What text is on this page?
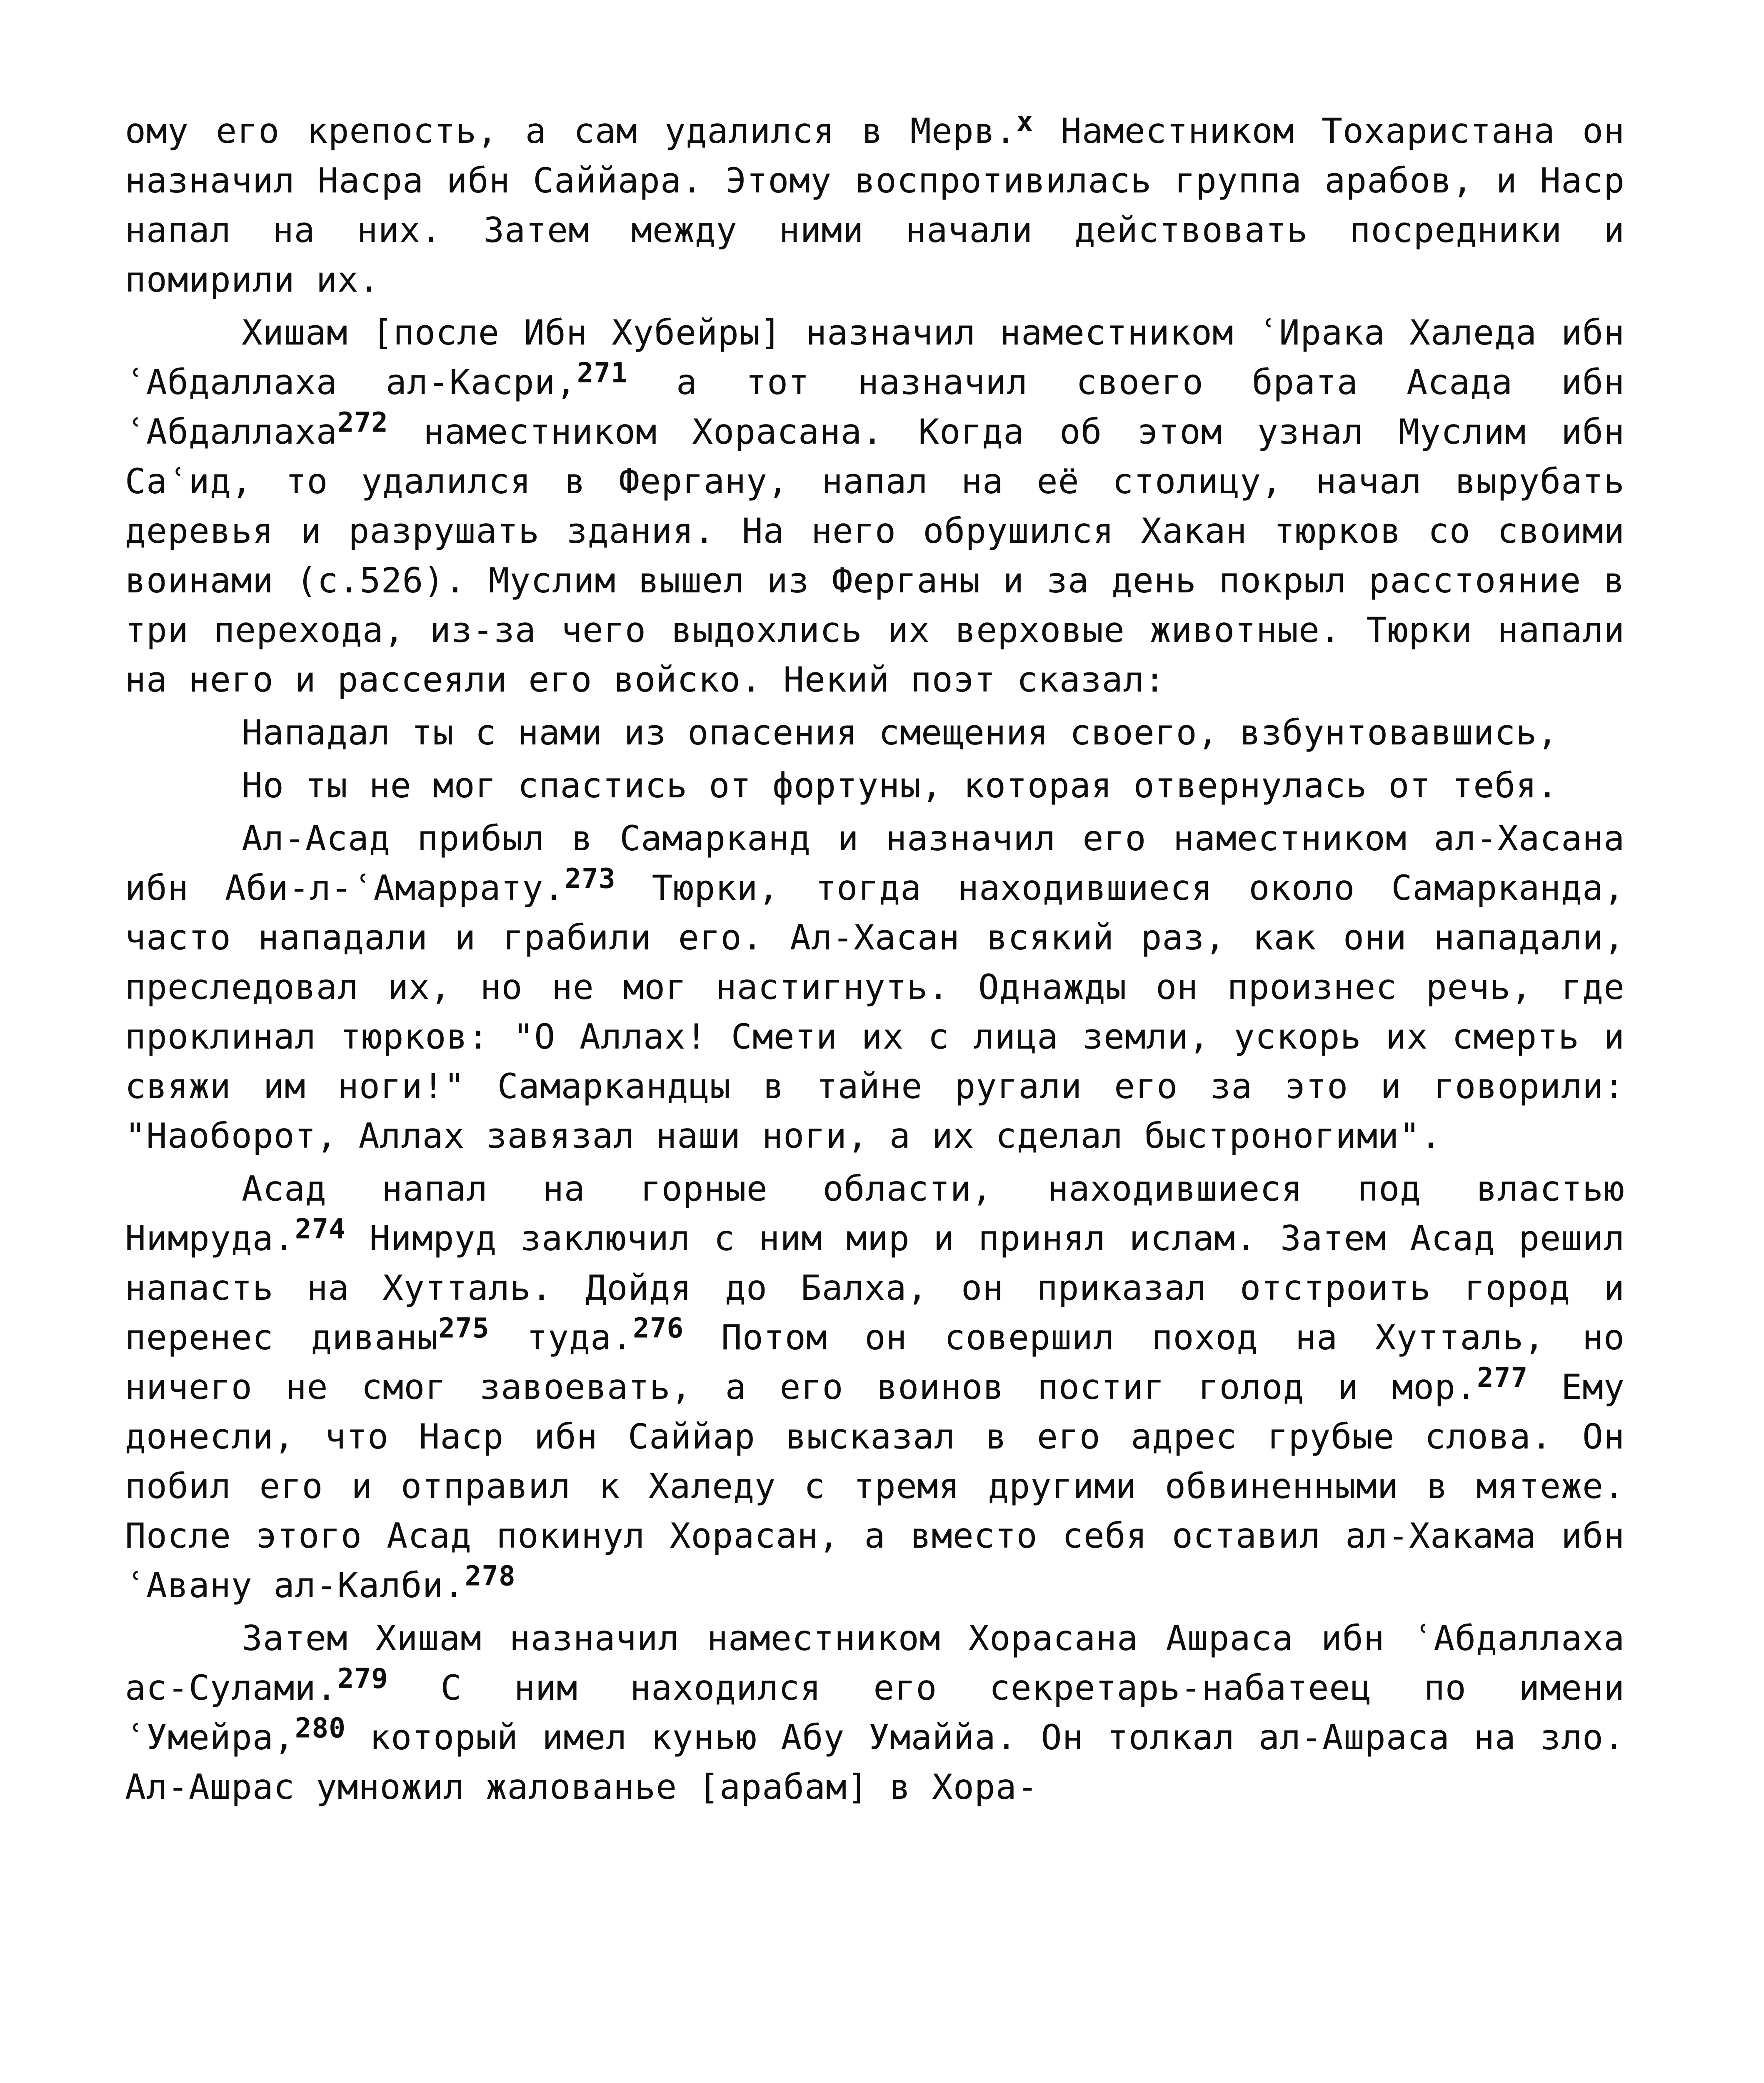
ому его крепость, а сам удалился в Мерв.$^x$ Наместником Тохаристана он назначил Насра ибн Саййара. Этому воспротивилась группа арабов, и Наср напал на них. Затем между ними начали действовать посредники и помирили их.

Хишам [после Ибн Хубейры] назначил наместником ʿИрака Халеда ибн ʿАбдаллаха ал-Касри,$^{271}$ а тот назначил своего брата Асада ибн ʿАбдаллаха$^{272}$ наместником Хорасана. Когда об этом узнал Муслим ибн Саʿид, то удалился в Фергану, напал на её столицу, начал вырубать деревья и разрушать здания. На него обрушился Хакан тюрков со своими воинами (с.526). Муслим вышел из Ферганы и за день покрыл расстояние в три перехода, из-за чего выдохлись их верховые животные. Тюрки напали на него и рассеяли его войско. Некий поэт сказал:

Нападал ты с нами из опасения смещения своего, взбунтовавшись,

Но ты не мог спастись от фортуны, которая отвернулась от тебя.

Ал-Асад прибыл в Самарканд и назначил его наместником ал-Хасана ибн Аби-л-ʿАмаррату.$^{273}$ Тюрки, тогда находившиеся около Самарканда, часто нападали и грабили его. Ал-Хасан всякий раз, как они нападали, преследовал их, но не мог настигнуть. Однажды он произнес речь, где проклинал тюрков: "О Аллах! Смети их с лица земли, ускорь их смерть и свяжи им ноги!" Самаркандцы в тайне ругали его за это и говорили: "Наоборот, Аллах завязал наши ноги, а их сделал быстроногими".

Асад напал на горные области, находившиеся под властью Нимруда.$^{274}$ Нимруд заключил с ним мир и принял ислам. Затем Асад решил напасть на Хутталь. Дойдя до Балха, он приказал отстроить город и перенес диваны$^{275}$ туда.$^{276}$ Потом он совершил поход на Хутталь, но ничего не смог завоевать, а его воинов постиг голод и мор.$^{277}$ Ему донесли, что Наср ибн Саййар высказал в его адрес грубые слова. Он побил его и отправил к Халеду с тремя другими обвиненными в мятеже. После этого Асад покинул Хорасан, а вместо себя оставил ал-Хакама ибн ʿАвану ал-Калби.$^{278}$

Затем Хишам назначил наместником Хорасана Ашраса ибн ʿАбдаллаха ас-Сулами.$^{279}$ С ним находился его секретарь-набатеец по имени ʿУмейра,$^{280}$ который имел кунью Абу Умаййа. Он толкал ал-Ашраса на зло. Ал-Ашрас умножил жалованье [арабам] в Хора-
